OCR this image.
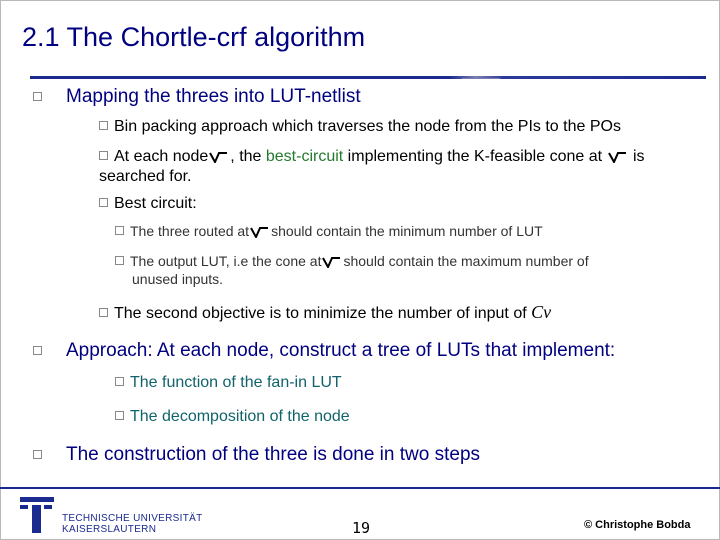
2.1 The Chortle-crf algorithm
Mapping the threes into LUT-netlist
Bin packing approach which traverses the node from the PIs to the POs
At each node , the best-circuit implementing the K-feasible cone at  is
searched for.
Best circuit:
The three routed at should contain the minimum number of LUT
The output LUT, i.e the cone at should contain the maximum number of
unused inputs.
The second objective is to minimize the number of input of Cv
Approach: At each node, construct a tree of LUTs that implement:
The function of the fan-in LUT
The decomposition of the node
The construction of the three is done in two steps
TECHNISCHE UNIVERSITÄT
KAISERSLAUTERN	19	© Christophe Bobda
